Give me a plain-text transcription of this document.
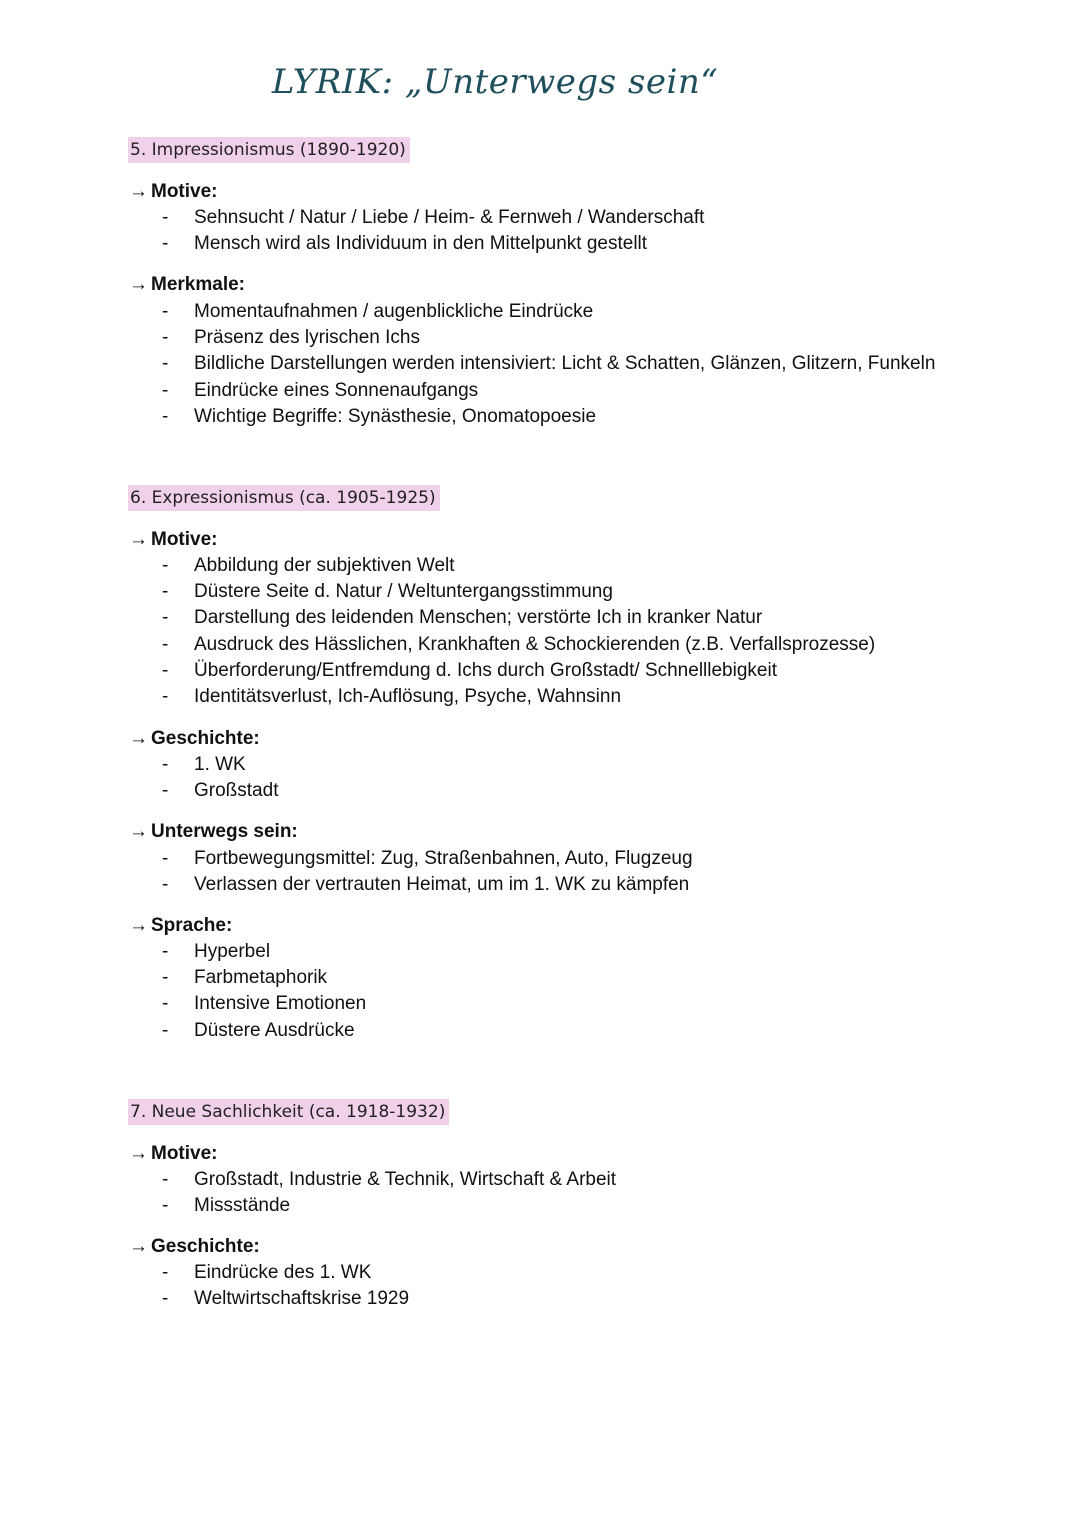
LYRIK: „Unterwegs sein“
5. Impressionismus (1890-1920)
→ Motive:
- Sehnsucht / Natur / Liebe / Heim- & Fernweh / Wanderschaft
- Mensch wird als Individuum in den Mittelpunkt gestellt
→ Merkmale:
- Momentaufnahmen / augenblickliche Eindrücke
- Präsenz des lyrischen Ichs
- Bildliche Darstellungen werden intensiviert: Licht & Schatten, Glänzen, Glitzern, Funkeln
- Eindrücke eines Sonnenaufgangs
- Wichtige Begriffe: Synästhesie, Onomatopoesie
6. Expressionismus (ca. 1905-1925)
→ Motive:
- Abbildung der subjektiven Welt
- Düstere Seite d. Natur / Weltuntergangsstimmung
- Darstellung des leidenden Menschen; verstörte Ich in kranker Natur
- Ausdruck des Hässlichen, Krankhaften & Schockierenden (z.B. Verfallsprozesse)
- Überforderung/Entfremdung d. Ichs durch Großstadt/ Schnelllebigkeit
- Identitätsverlust, Ich-Auflösung, Psyche, Wahnsinn
→ Geschichte:
- 1. WK
- Großstadt
→ Unterwegs sein:
- Fortbewegungsmittel: Zug, Straßenbahnen, Auto, Flugzeug
- Verlassen der vertrauten Heimat, um im 1. WK zu kämpfen
→ Sprache:
- Hyperbel
- Farbmetaphorik
- Intensive Emotionen
- Düstere Ausdrücke
7. Neue Sachlichkeit (ca. 1918-1932)
→ Motive:
- Großstadt, Industrie & Technik, Wirtschaft & Arbeit
- Missstände
→ Geschichte:
- Eindrücke des 1. WK
- Weltwirtschaftskrise 1929
